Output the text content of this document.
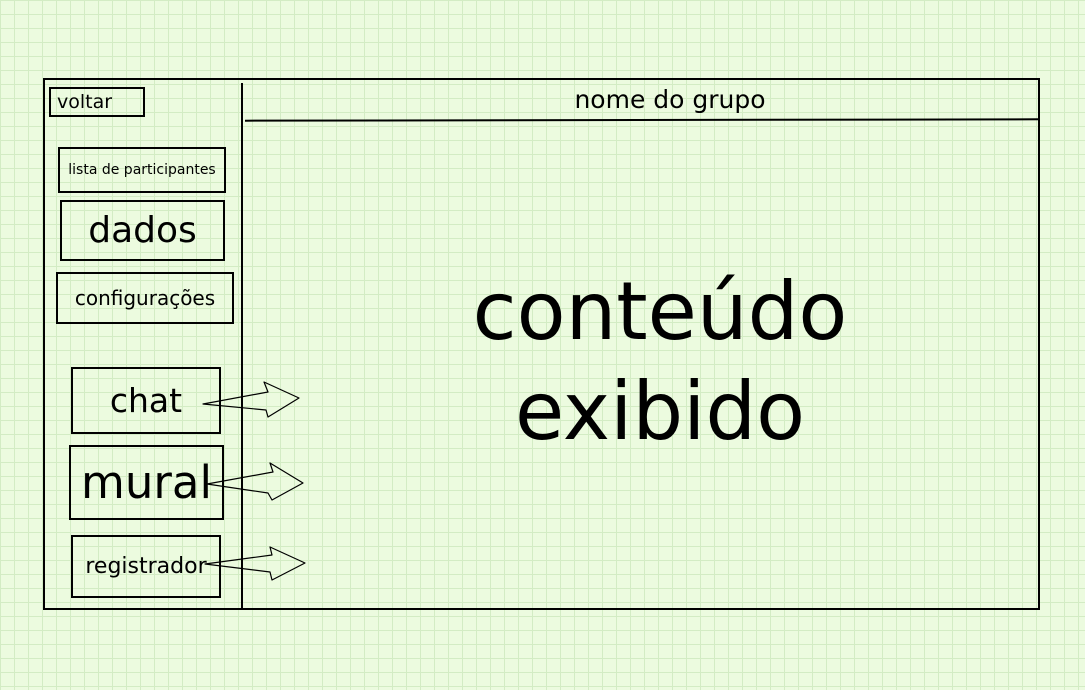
voltar
lista de participantes
dados
configurações
chat
mural
registrador
nome do grupo
conteúdo
exibido
